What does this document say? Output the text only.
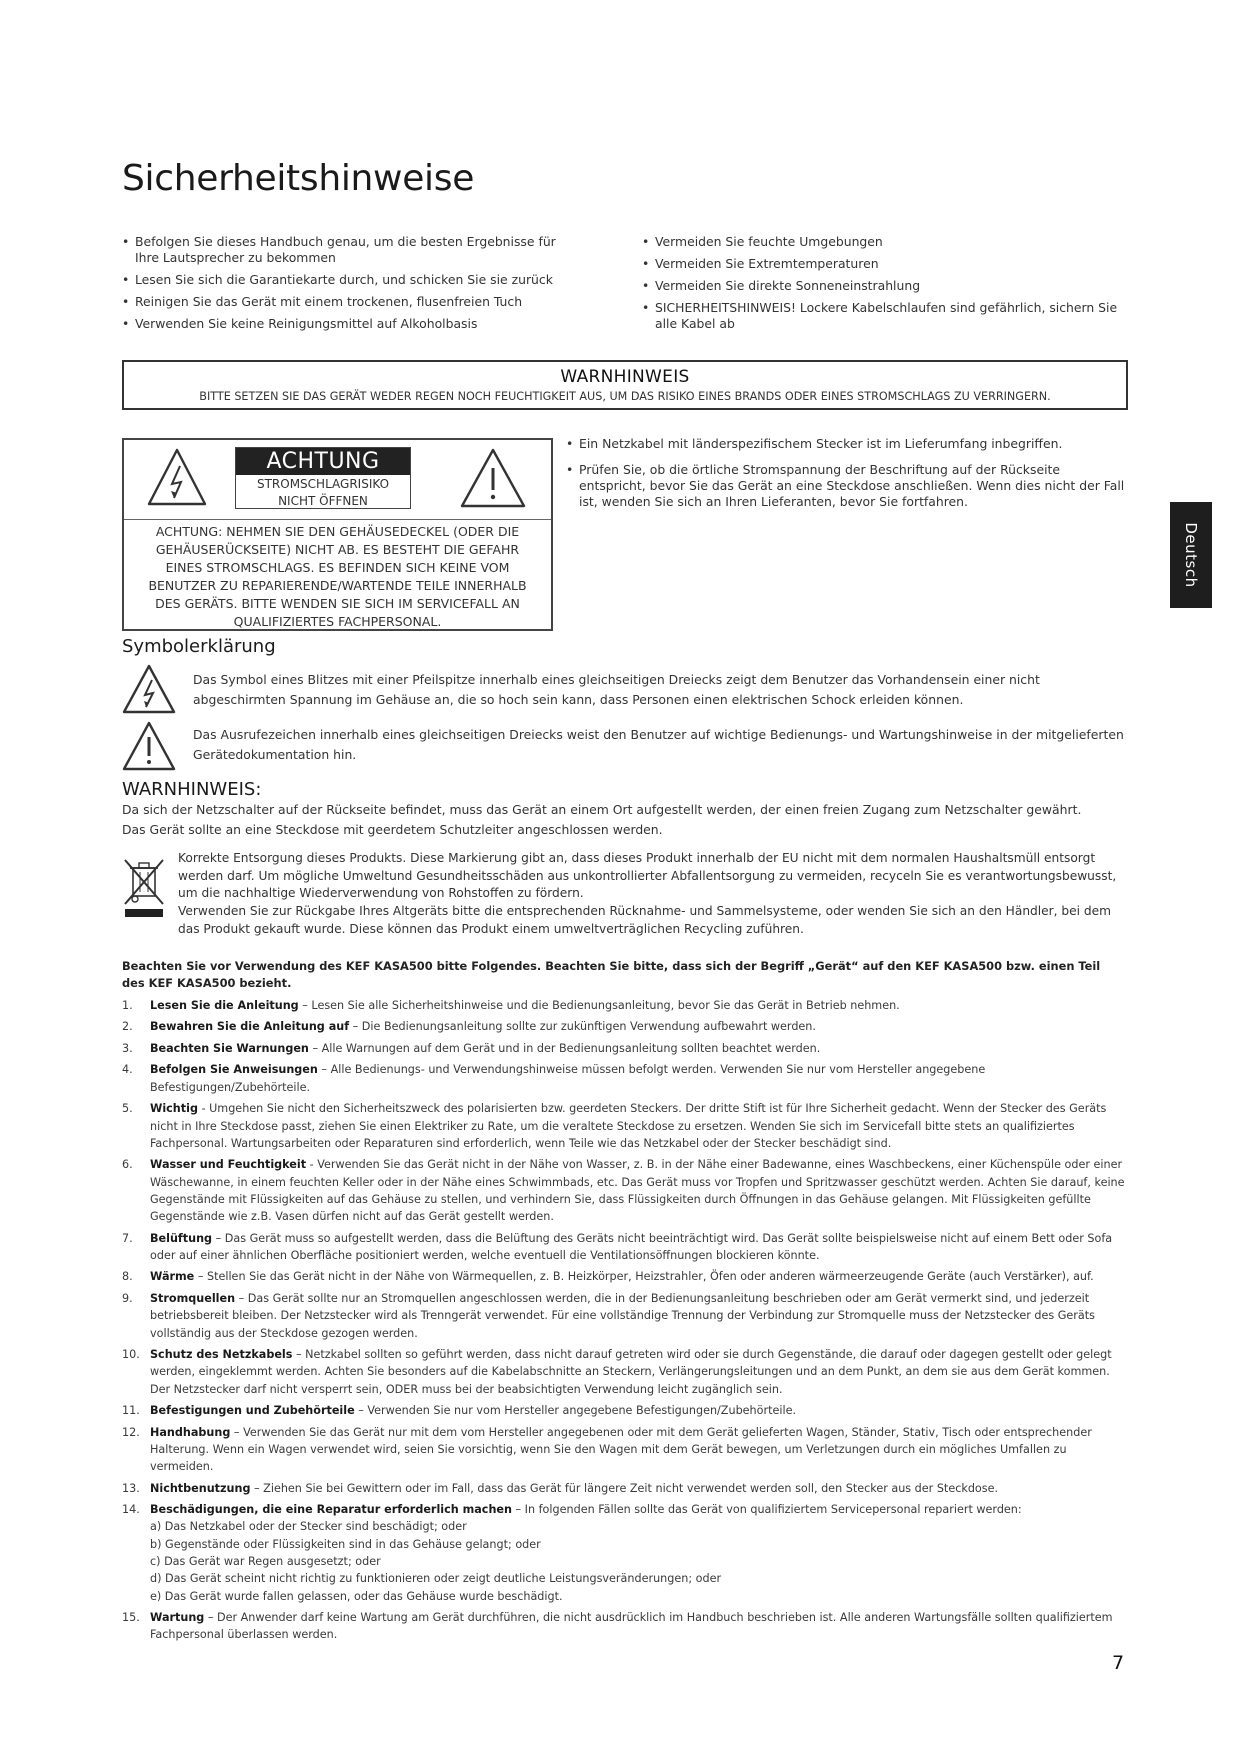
Sicherheitshinweise
• Befolgen Sie dieses Handbuch genau, um die besten Ergebnisse für Ihre Lautsprecher zu bekommen
• Lesen Sie sich die Garantiekarte durch, und schicken Sie sie zurück
• Reinigen Sie das Gerät mit einem trockenen, flusenfreien Tuch
• Verwenden Sie keine Reinigungsmittel auf Alkoholbasis
• Vermeiden Sie feuchte Umgebungen
• Vermeiden Sie Extremtemperaturen
• Vermeiden Sie direkte Sonneneinstrahlung
• SICHERHEITSHINWEIS! Lockere Kabelschlaufen sind gefährlich, sichern Sie alle Kabel ab
WARNHINWEIS
BITTE SETZEN SIE DAS GERÄT WEDER REGEN NOCH FEUCHTIGKEIT AUS, UM DAS RISIKO EINES BRANDS ODER EINES STROMSCHLAGS ZU VERRINGERN.
ACHTUNG
STROMSCHLAGRISIKO
NICHT ÖFFNEN
ACHTUNG: NEHMEN SIE DEN GEHÄUSEDECKEL (ODER DIE GEHÄUSERÜCKSEITE) NICHT AB. ES BESTEHT DIE GEFAHR EINES STROMSCHLAGS. ES BEFINDEN SICH KEINE VOM BENUTZER ZU REPARIERENDE/WARTENDE TEILE INNERHALB DES GERÄTS. BITTE WENDEN SIE SICH IM SERVICEFALL AN QUALIFIZIERTES FACHPERSONAL.
• Ein Netzkabel mit länderspezifischem Stecker ist im Lieferumfang inbegriffen.
• Prüfen Sie, ob die örtliche Stromspannung der Beschriftung auf der Rückseite entspricht, bevor Sie das Gerät an eine Steckdose anschließen. Wenn dies nicht der Fall ist, wenden Sie sich an Ihren Lieferanten, bevor Sie fortfahren.
Deutsch
Symbolerklärung
Das Symbol eines Blitzes mit einer Pfeilspitze innerhalb eines gleichseitigen Dreiecks zeigt dem Benutzer das Vorhandensein einer nicht abgeschirmten Spannung im Gehäuse an, die so hoch sein kann, dass Personen einen elektrischen Schock erleiden können.
Das Ausrufezeichen innerhalb eines gleichseitigen Dreiecks weist den Benutzer auf wichtige Bedienungs- und Wartungshinweise in der mitgelieferten Gerätedokumentation hin.
WARNHINWEIS:
Da sich der Netzschalter auf der Rückseite befindet, muss das Gerät an einem Ort aufgestellt werden, der einen freien Zugang zum Netzschalter gewährt.
Das Gerät sollte an eine Steckdose mit geerdetem Schutzleiter angeschlossen werden.
Korrekte Entsorgung dieses Produkts. Diese Markierung gibt an, dass dieses Produkt innerhalb der EU nicht mit dem normalen Haushaltsmüll entsorgt werden darf. Um mögliche Umweltund Gesundheitsschäden aus unkontrollierter Abfallentsorgung zu vermeiden, recyceln Sie es verantwortungsbewusst, um die nachhaltige Wiederverwendung von Rohstoffen zu fördern.
Verwenden Sie zur Rückgabe Ihres Altgeräts bitte die entsprechenden Rücknahme- und Sammelsysteme, oder wenden Sie sich an den Händler, bei dem das Produkt gekauft wurde. Diese können das Produkt einem umweltverträglichen Recycling zuführen.
Beachten Sie vor Verwendung des KEF KASA500 bitte Folgendes. Beachten Sie bitte, dass sich der Begriff „Gerät“ auf den KEF KASA500 bzw. einen Teil des KEF KASA500 bezieht.
1. Lesen Sie die Anleitung – Lesen Sie alle Sicherheitshinweise und die Bedienungsanleitung, bevor Sie das Gerät in Betrieb nehmen.
2. Bewahren Sie die Anleitung auf – Die Bedienungsanleitung sollte zur zukünftigen Verwendung aufbewahrt werden.
3. Beachten Sie Warnungen – Alle Warnungen auf dem Gerät und in der Bedienungsanleitung sollten beachtet werden.
4. Befolgen Sie Anweisungen – Alle Bedienungs- und Verwendungshinweise müssen befolgt werden. Verwenden Sie nur vom Hersteller angegebene Befestigungen/Zubehörteile.
5. Wichtig - Umgehen Sie nicht den Sicherheitszweck des polarisierten bzw. geerdeten Steckers. Der dritte Stift ist für Ihre Sicherheit gedacht. Wenn der Stecker des Geräts nicht in Ihre Steckdose passt, ziehen Sie einen Elektriker zu Rate, um die veraltete Steckdose zu ersetzen. Wenden Sie sich im Servicefall bitte stets an qualifiziertes Fachpersonal. Wartungsarbeiten oder Reparaturen sind erforderlich, wenn Teile wie das Netzkabel oder der Stecker beschädigt sind.
6. Wasser und Feuchtigkeit - Verwenden Sie das Gerät nicht in der Nähe von Wasser, z. B. in der Nähe einer Badewanne, eines Waschbeckens, einer Küchenspüle oder einer Wäschewanne, in einem feuchten Keller oder in der Nähe eines Schwimmbads, etc. Das Gerät muss vor Tropfen und Spritzwasser geschützt werden. Achten Sie darauf, keine Gegenstände mit Flüssigkeiten auf das Gehäuse zu stellen, und verhindern Sie, dass Flüssigkeiten durch Öffnungen in das Gehäuse gelangen. Mit Flüssigkeiten gefüllte Gegenstände wie z.B. Vasen dürfen nicht auf das Gerät gestellt werden.
7. Belüftung – Das Gerät muss so aufgestellt werden, dass die Belüftung des Geräts nicht beeinträchtigt wird. Das Gerät sollte beispielsweise nicht auf einem Bett oder Sofa oder auf einer ähnlichen Oberfläche positioniert werden, welche eventuell die Ventilationsöffnungen blockieren könnte.
8. Wärme – Stellen Sie das Gerät nicht in der Nähe von Wärmequellen, z. B. Heizkörper, Heizstrahler, Öfen oder anderen wärmeerzeugende Geräte (auch Verstärker), auf.
9. Stromquellen – Das Gerät sollte nur an Stromquellen angeschlossen werden, die in der Bedienungsanleitung beschrieben oder am Gerät vermerkt sind, und jederzeit betriebsbereit bleiben. Der Netzstecker wird als Trenngerät verwendet. Für eine vollständige Trennung der Verbindung zur Stromquelle muss der Netzstecker des Geräts vollständig aus der Steckdose gezogen werden.
10. Schutz des Netzkabels – Netzkabel sollten so geführt werden, dass nicht darauf getreten wird oder sie durch Gegenstände, die darauf oder dagegen gestellt oder gelegt werden, eingeklemmt werden. Achten Sie besonders auf die Kabelabschnitte an Steckern, Verlängerungsleitungen und an dem Punkt, an dem sie aus dem Gerät kommen. Der Netzstecker darf nicht versperrt sein, ODER muss bei der beabsichtigten Verwendung leicht zugänglich sein.
11. Befestigungen und Zubehörteile – Verwenden Sie nur vom Hersteller angegebene Befestigungen/Zubehörteile.
12. Handhabung – Verwenden Sie das Gerät nur mit dem vom Hersteller angegebenen oder mit dem Gerät gelieferten Wagen, Ständer, Stativ, Tisch oder entsprechender Halterung. Wenn ein Wagen verwendet wird, seien Sie vorsichtig, wenn Sie den Wagen mit dem Gerät bewegen, um Verletzungen durch ein mögliches Umfallen zu vermeiden.
13. Nichtbenutzung – Ziehen Sie bei Gewittern oder im Fall, dass das Gerät für längere Zeit nicht verwendet werden soll, den Stecker aus der Steckdose.
14. Beschädigungen, die eine Reparatur erforderlich machen – In folgenden Fällen sollte das Gerät von qualifiziertem Servicepersonal repariert werden:
a) Das Netzkabel oder der Stecker sind beschädigt; oder
b) Gegenstände oder Flüssigkeiten sind in das Gehäuse gelangt; oder
c) Das Gerät war Regen ausgesetzt; oder
d) Das Gerät scheint nicht richtig zu funktionieren oder zeigt deutliche Leistungsveränderungen; oder
e) Das Gerät wurde fallen gelassen, oder das Gehäuse wurde beschädigt.
15. Wartung – Der Anwender darf keine Wartung am Gerät durchführen, die nicht ausdrücklich im Handbuch beschrieben ist. Alle anderen Wartungsfälle sollten qualifiziertem Fachpersonal überlassen werden.
7
